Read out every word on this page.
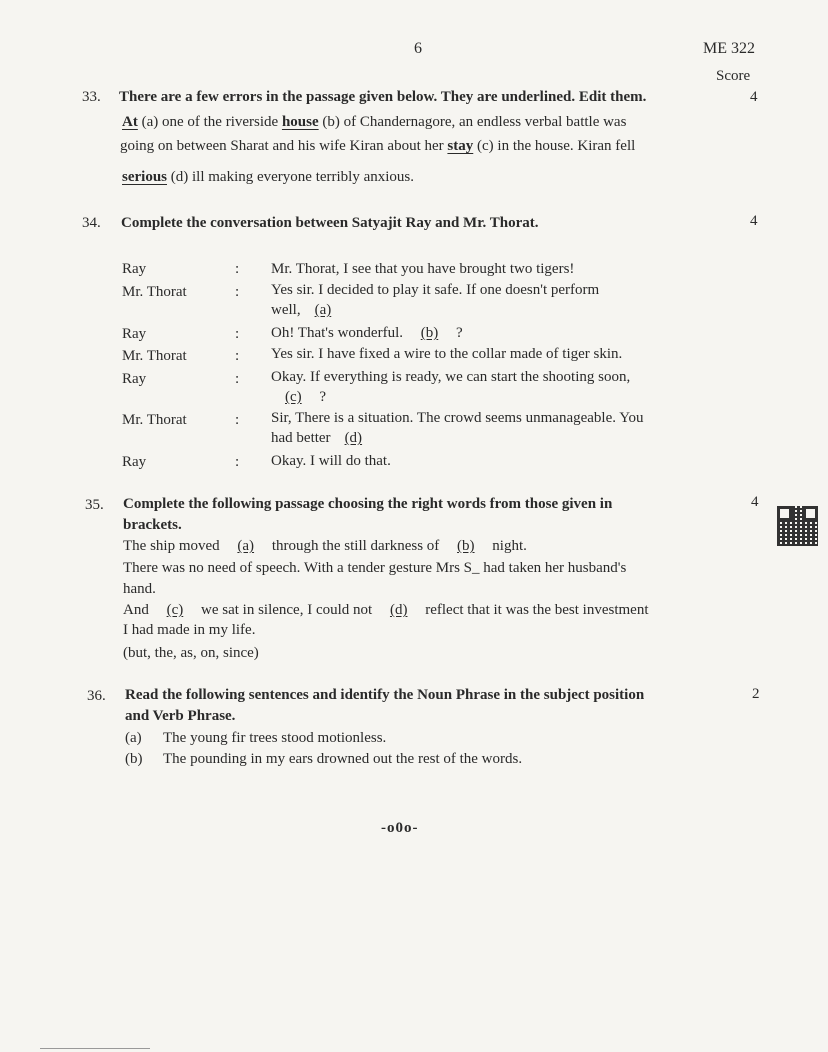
6	ME 322
Score
33. There are a few errors in the passage given below. They are underlined. Edit them.	4
At (a) one of the riverside house (b) of Chandernagore, an endless verbal battle was
going on between Sharat and his wife Kiran about her stay (c) in the house. Kiran fell
serious (d) ill making everyone terribly anxious.
34. Complete the conversation between Satyajit Ray and Mr. Thorat.	4
Ray	: Mr. Thorat, I see that you have brought two tigers!
Mr. Thorat	: Yes sir. I decided to play it safe. If one doesn't perform
well, (a)
Ray	: Oh! That's wonderful. (b) ?
Mr. Thorat	: Yes sir. I have fixed a wire to the collar made of tiger skin.
Ray	: Okay. If everything is ready, we can start the shooting soon,
(c) ?
Mr. Thorat	: Sir, There is a situation. The crowd seems unmanageable. You
had better (d)
Ray	: Okay. I will do that.
35. Complete the following passage choosing the right words from those given in
brackets.
4
The ship moved (a) through the still darkness of (b) night.
There was no need of speech. With a tender gesture Mrs S_ had taken her husband's
hand.
And (c) we sat in silence, I could not (d) reflect that it was the best investment
I had made in my life.
(but, the, as, on, since)
36. Read the following sentences and identify the Noun Phrase in the subject position
and Verb Phrase.
2
(a) The young fir trees stood motionless.
(b) The pounding in my ears drowned out the rest of the words.
-o0o-
